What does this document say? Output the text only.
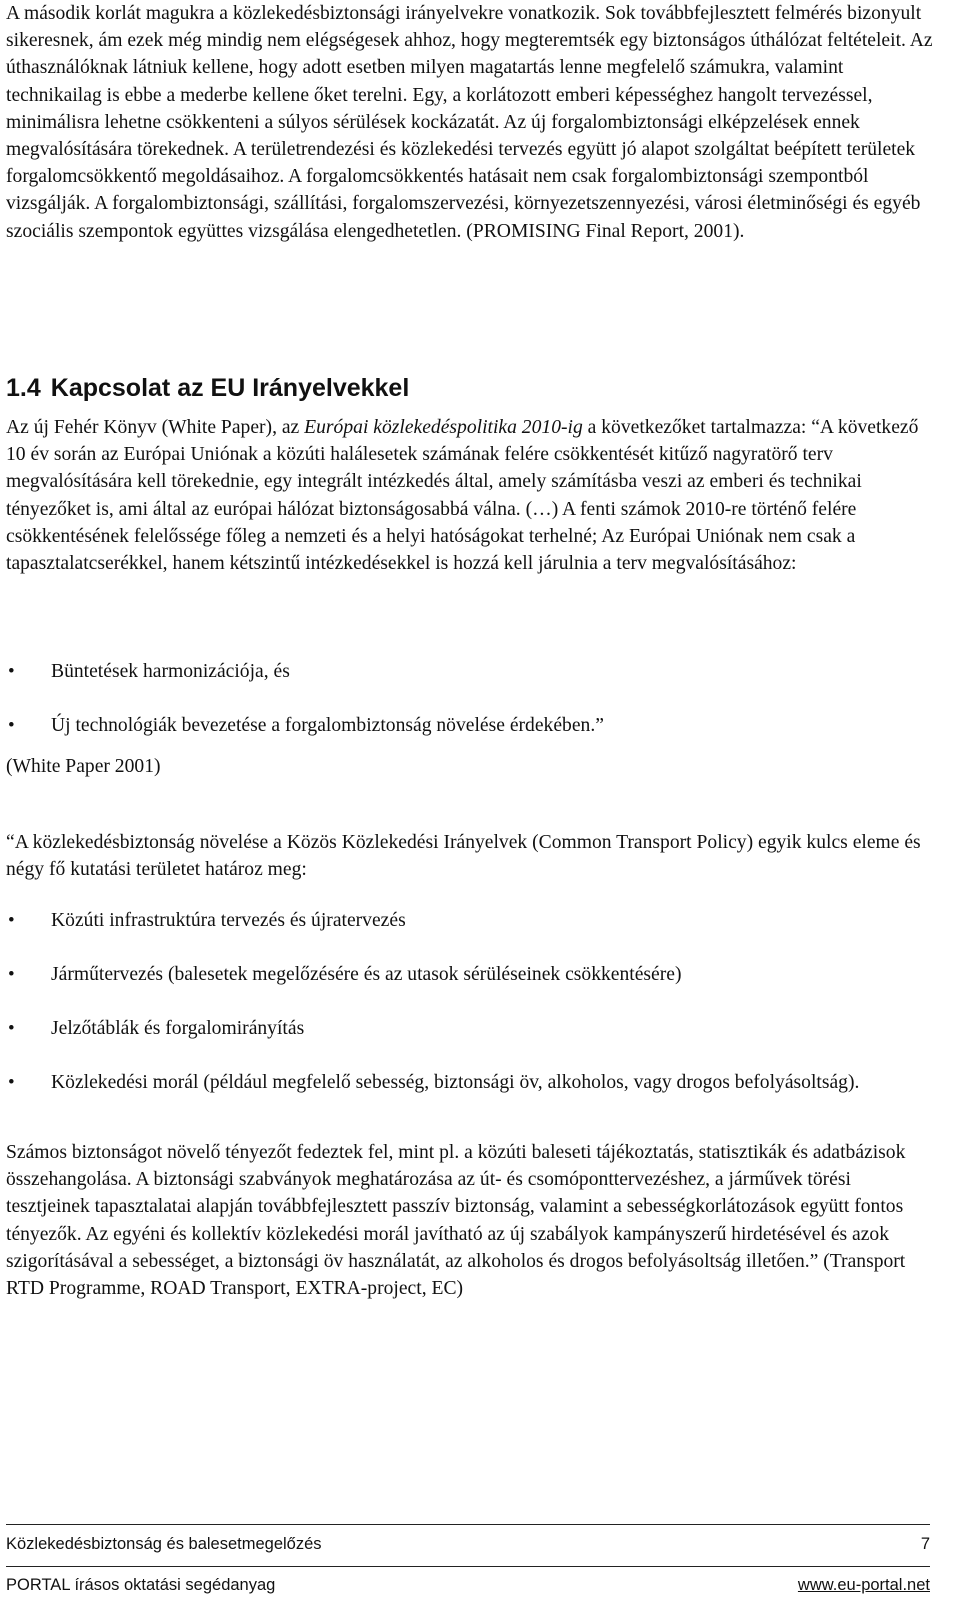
A második korlát magukra a közlekedésbiztonsági irányelvekre vonatkozik. Sok továbbfejlesztett felmérés bizonyult sikeresnek, ám ezek még mindig nem elégségesek ahhoz, hogy megteremtsék egy biztonságos úthálózat feltételeit. Az úthasználóknak látniuk kellene, hogy adott esetben milyen magatartás lenne megfelelő számukra, valamint technikailag is ebbe a mederbe kellene őket terelni. Egy, a korlátozott emberi képességhez hangolt tervezéssel, minimálisra lehetne csökkenteni a súlyos sérülések kockázatát. Az új forgalombiztonsági elképzelések ennek megvalósítására törekednek. A területrendezési és közlekedési tervezés együtt jó alapot szolgáltat beépített területek forgalomcsökkentő megoldásaihoz. A forgalomcsökkentés hatásait nem csak forgalombiztonsági szempontból vizsgálják. A forgalombiztonsági, szállítási, forgalomszervezési, környezetszennyezési, városi életminőségi és egyéb szociális szempontok együttes vizsgálása elengedhetetlen. (PROMISING Final Report, 2001).

1.4 Kapcsolat az EU Irányelvekkel

Az új Fehér Könyv (White Paper), az Európai közlekedéspolitika 2010-ig a következőket tartalmazza: “A következő 10 év során az Európai Uniónak a közúti halálesetek számának felére csökkentését kitűző nagyratörő terv megvalósítására kell törekednie, egy integrált intézkedés által, amely számításba veszi az emberi és technikai tényezőket is, ami által az európai hálózat biztonságosabbá válna. (…) A fenti számok 2010-re történő felére csökkentésének felelőssége főleg a nemzeti és a helyi hatóságokat terhelné; Az Európai Uniónak nem csak a tapasztalatcserékkel, hanem kétszintű intézkedésekkel is hozzá kell járulnia a terv megvalósításához:

• Büntetések harmonizációja, és
• Új technológiák bevezetése a forgalombiztonság növelése érdekében.”

(White Paper 2001)

“A közlekedésbiztonság növelése a Közös Közlekedési Irányelvek (Common Transport Policy) egyik kulcs eleme és négy fő kutatási területet határoz meg:

• Közúti infrastruktúra tervezés és újratervezés
• Járműtervezés (balesetek megelőzésére és az utasok sérüléseinek csökkentésére)
• Jelzőtáblák és forgalomirányítás
• Közlekedési morál (például megfelelő sebesség, biztonsági öv, alkoholos, vagy drogos befolyásoltság).

Számos biztonságot növelő tényezőt fedeztek fel, mint pl. a közúti baleseti tájékoztatás, statisztikák és adatbázisok összehangolása. A biztonsági szabványok meghatározása az út- és csomóponttervezéshez, a járművek törési tesztjeinek tapasztalatai alapján továbbfejlesztett passzív biztonság, valamint a sebességkorlátozások együtt fontos tényezők. Az egyéni és kollektív közlekedési morál javítható az új szabályok kampányszerű hirdetésével és azok szigorításával a sebességet, a biztonsági öv használatát, az alkoholos és drogos befolyásoltság illetően.” (Transport RTD Programme, ROAD Transport, EXTRA-project, EC)

Közlekedésbiztonság és balesetmegelőzés	7
PORTAL írásos oktatási segédanyag	www.eu-portal.net
